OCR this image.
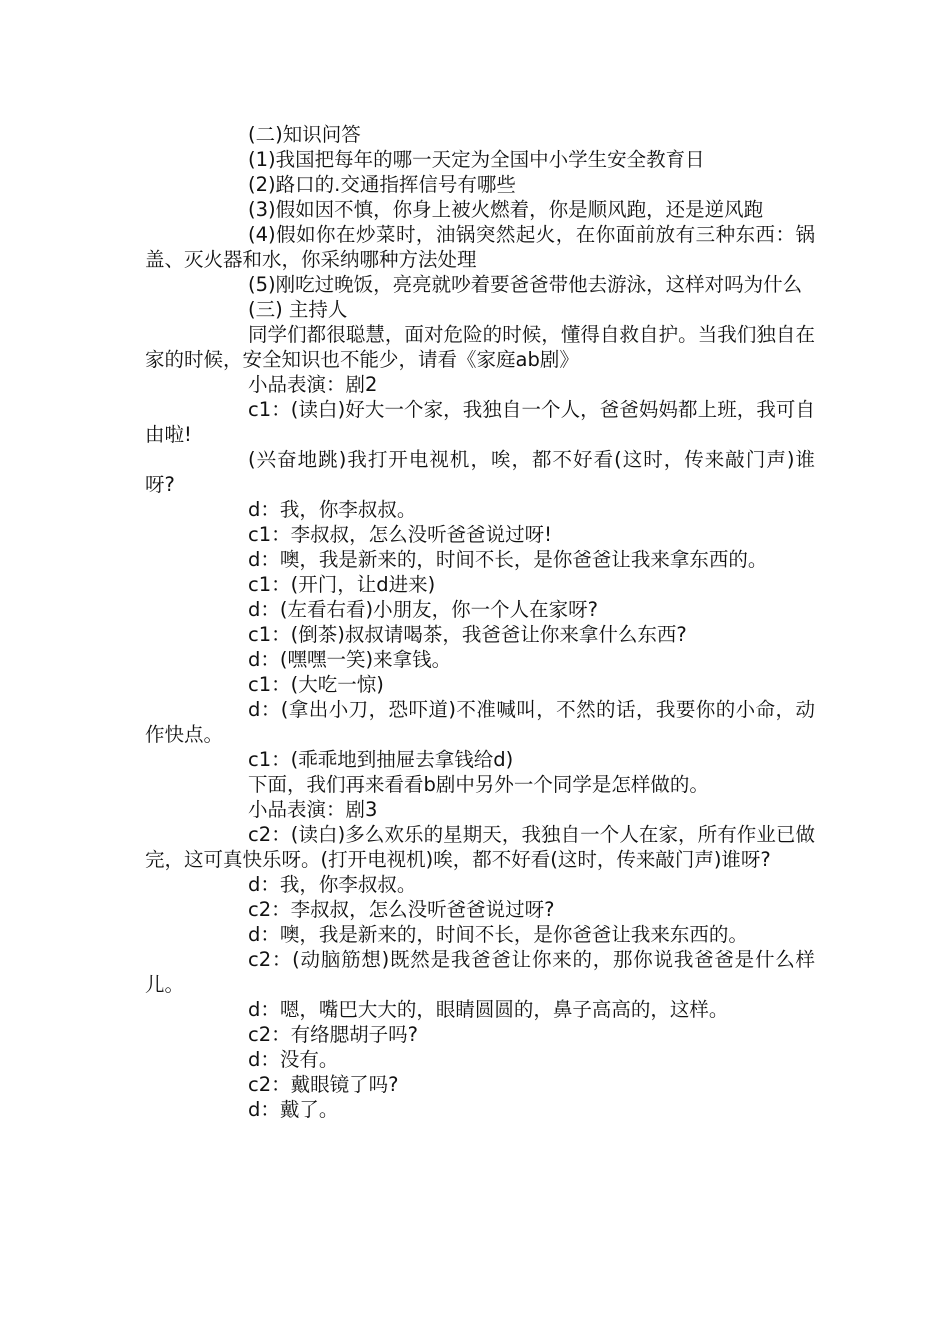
(二)知识问答

(1)我国把每年的哪一天定为全国中小学生安全教育日

(2)路口的.交通指挥信号有哪些

(3)假如因不慎，你身上被火燃着，你是顺风跑，还是逆风跑

(4)假如你在炒菜时，油锅突然起火，在你面前放有三种东西：锅盖、灭火器和水，你采纳哪种方法处理

(5)刚吃过晚饭，亮亮就吵着要爸爸带他去游泳，这样对吗为什么

(三) 主持人

同学们都很聪慧，面对危险的时候，懂得自救自护。当我们独自在家的时候，安全知识也不能少，请看《家庭ab剧》

小品表演：剧2

c1：(读白)好大一个家，我独自一个人，爸爸妈妈都上班，我可自由啦!

(兴奋地跳)我打开电视机，唉，都不好看(这时，传来敲门声)谁呀?

d：我，你李叔叔。

c1：李叔叔，怎么没听爸爸说过呀!

d：噢，我是新来的，时间不长，是你爸爸让我来拿东西的。

c1：(开门，让d进来)

d：(左看右看)小朋友，你一个人在家呀?

c1：(倒茶)叔叔请喝茶，我爸爸让你来拿什么东西?

d：(嘿嘿一笑)来拿钱。

c1：(大吃一惊)

d：(拿出小刀，恐吓道)不准喊叫，不然的话，我要你的小命，动作快点。

c1：(乖乖地到抽屉去拿钱给d)

下面，我们再来看看b剧中另外一个同学是怎样做的。

小品表演：剧3

c2：(读白)多么欢乐的星期天，我独自一个人在家，所有作业已做完，这可真快乐呀。(打开电视机)唉，都不好看(这时，传来敲门声)谁呀?

d：我，你李叔叔。

c2：李叔叔，怎么没听爸爸说过呀?

d：噢，我是新来的，时间不长，是你爸爸让我来东西的。

c2：(动脑筋想)既然是我爸爸让你来的，那你说我爸爸是什么样儿。

d：嗯，嘴巴大大的，眼睛圆圆的，鼻子高高的，这样。

c2：有络腮胡子吗?

d：没有。

c2：戴眼镜了吗?

d：戴了。
